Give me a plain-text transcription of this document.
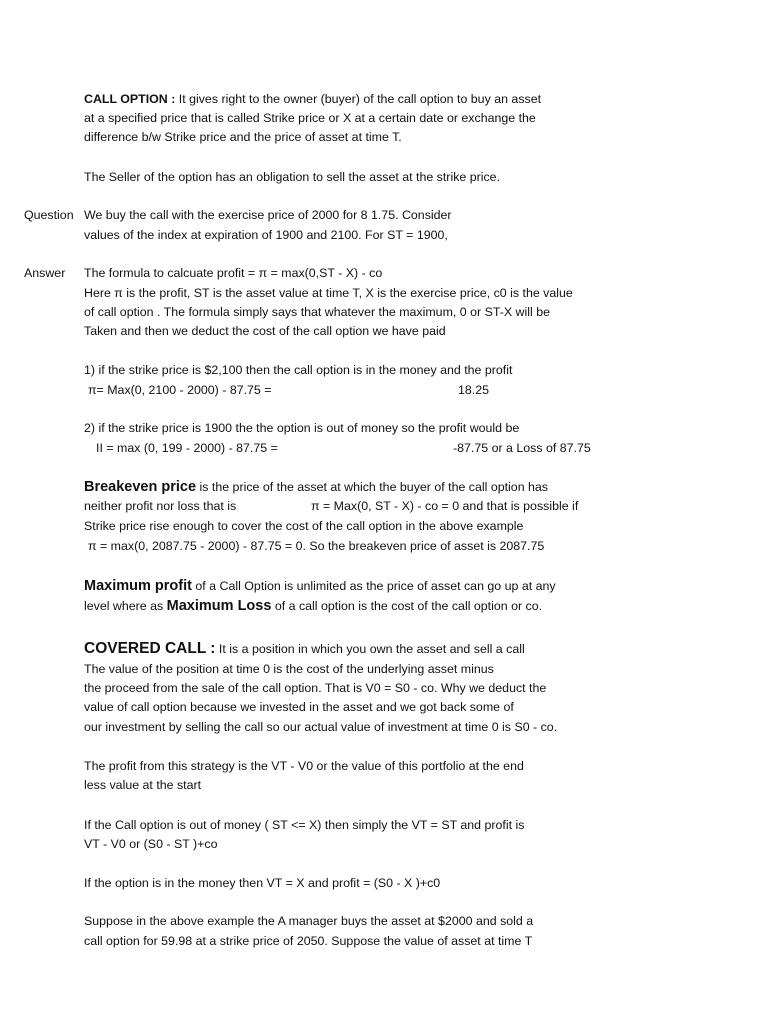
CALL OPTION : It gives right to the owner (buyer) of the call option to buy an asset
at a specified price that is called Strike price or X at a certain date or exchange the
difference b/w Strike price and the price of asset at time T.
The Seller of the option has an obligation to sell the asset at the strike price.
Question We buy the call with the exercise price of 2000 for 8 1.75. Consider
values of the index at expiration of 1900 and 2100. For ST = 1900,
Answer The formula to calcuate profit = π = max(0,ST - X) - co
Here π is the profit, ST is the asset value at time T, X is the exercise price, c0 is the value
of call option . The formula simply says that whatever the maximum, 0 or ST-X will be
Taken and then we deduct the cost of the call option we have paid
1) if the strike price is $2,100 then the call option is in the money and the profit
π= Max(0, 2100 - 2000) - 87.75 =	18.25
2) if the strike price is 1900 the the option is out of money so the profit would be
II = max (0, 199 - 2000) - 87.75 =	-87.75 or a Loss of 87.75
Breakeven price is the price of the asset at which the buyer of the call option has
neither profit nor loss that is	π = Max(0, ST - X) - co = 0 and that is possible if
Strike price rise enough to cover the cost of the call option in the above example
π = max(0, 2087.75 - 2000) - 87.75 = 0. So the breakeven price of asset is 2087.75
Maximum profit of a Call Option is unlimited as the price of asset can go up at any
level where as Maximum Loss of a call option is the cost of the call option or co.
COVERED CALL : It is a position in which you own the asset and sell a call
The value of the position at time 0 is the cost of the underlying asset minus
the proceed from the sale of the call option. That is V0 = S0 - co. Why we deduct the
value of call option because we invested in the asset and we got back some of
our investment by selling the call so our actual value of investment at time 0 is S0 - co.
The profit from this strategy is the VT - V0 or the value of this portfolio at the end
less value at the start
If the Call option is out of money ( ST <= X) then simply the VT = ST and profit is
VT - V0 or (S0 - ST )+co
If the option is in the money then VT = X and profit = (S0 - X )+c0
Suppose in the above example the A manager buys the asset at $2000 and sold a
call option for 59.98 at a strike price of 2050. Suppose the value of asset at time T
